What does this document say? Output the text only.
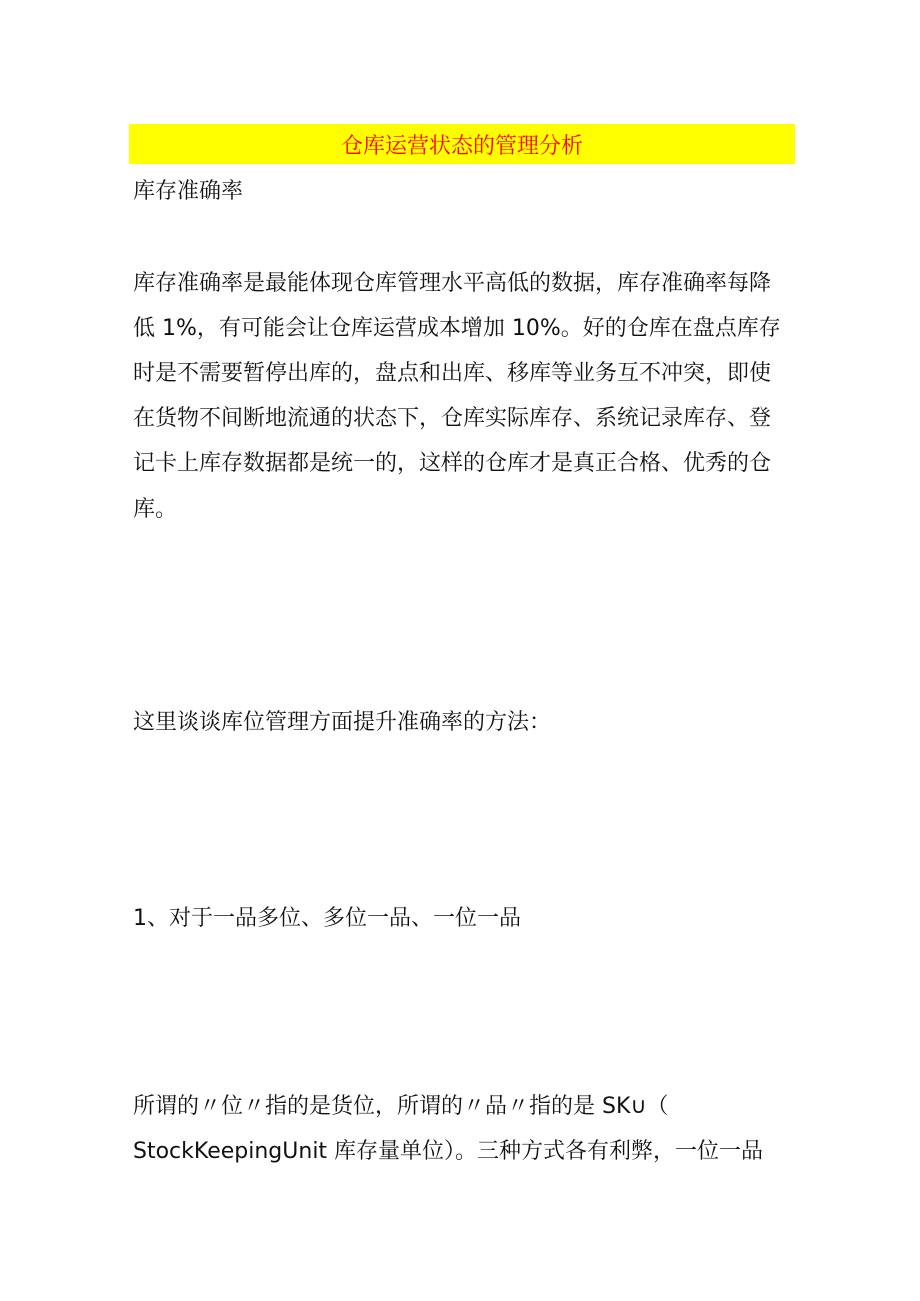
仓库运营状态的管理分析
库存准确率
库存准确率是最能体现仓库管理水平高低的数据，库存准确率每降
低 1%，有可能会让仓库运营成本增加 10%。好的仓库在盘点库存
时是不需要暂停出库的，盘点和出库、移库等业务互不冲突，即使
在货物不间断地流通的状态下，仓库实际库存、系统记录库存、登
记卡上库存数据都是统一的，这样的仓库才是真正合格、优秀的仓
库。
这里谈谈库位管理方面提升准确率的方法：
1、对于一品多位、多位一品、一位一品
所谓的〃位〃指的是货位，所谓的〃品〃指的是 SK∪（
StockKeepingUnit 库存量单位）。三种方式各有利弊，一位一品
